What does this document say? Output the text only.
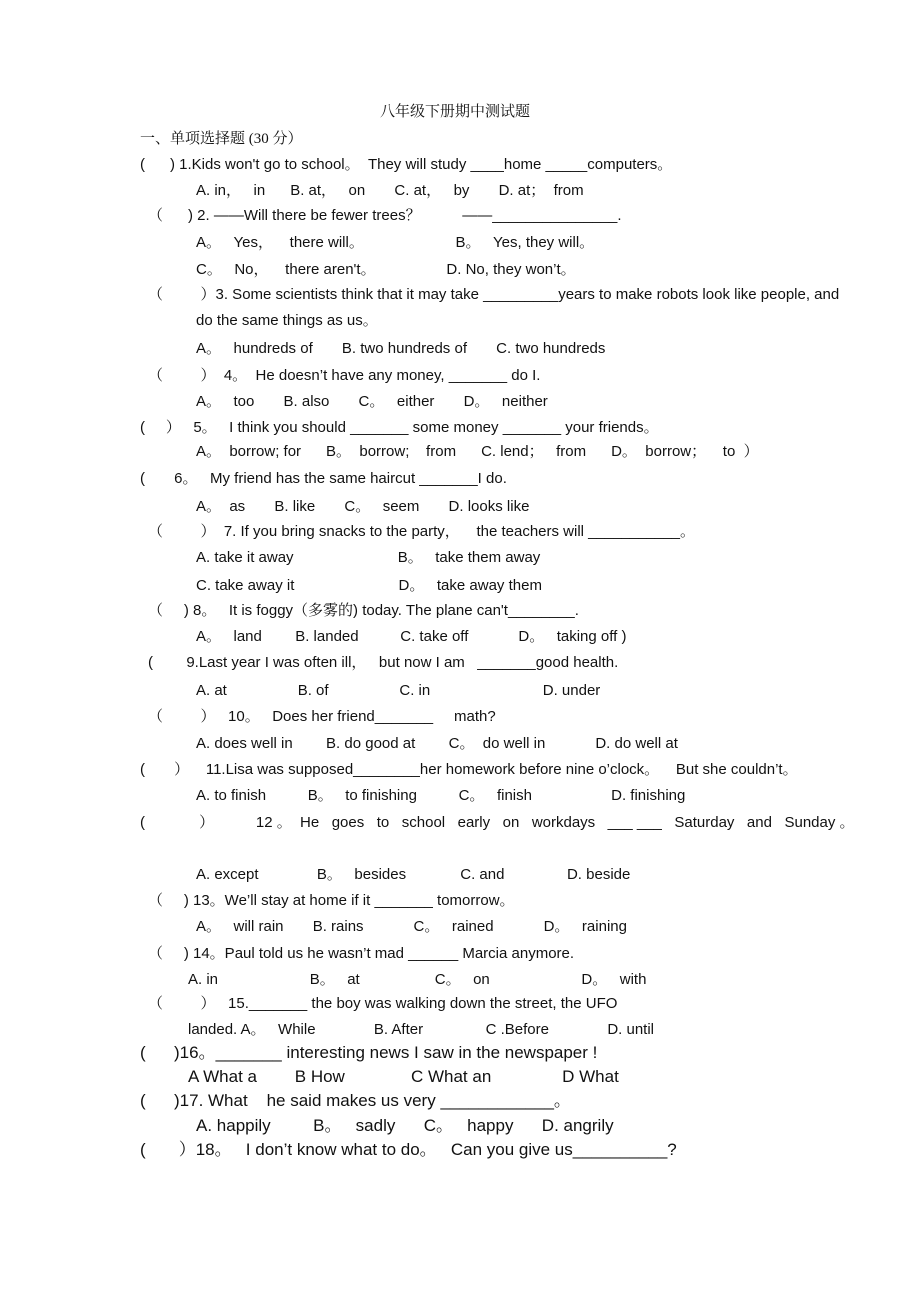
八年级下册期中测试题
一、单项选择题 (30 分）
(      ) 1.Kids won't go to school。  They will study ____home _____computers。
A. in，   in      B. at，   on       C. at，   by       D. at；  from
（      ) 2. ——Will there be fewer trees？          ——_______________.
A。   Yes，    there will。                      B。   Yes, they will。
C。   No，    there aren't。                 D. No, they won’t。
（         ）3. Some scientists think that it may take _________years to make robots look like people, and
do the same things as us。
A。   hundreds of       B. two hundreds of       C. two hundreds
（         ）  4。  He doesn’t have any money, _______ do I.
A。   too       B. also       C。   either       D。   neither
(     ）   5。   I think you should _______ some money _______ your friends。
A。  borrow; for      B。  borrow;    from      C. lend；   from      D。  borrow；    to  ）
(       6。   My friend has the same haircut _______I do.
A。  as       B. like       C。   seem       D. looks like
（         ）  7. If you bring snacks to the party，    the teachers will ___________。
A. take it away                         B。   take them away
C. take away it                         D。   take away them
（     ) 8。   It is foggy（多雾的) today. The plane can't________.
A。   land        B. landed          C. take off            D。   taking off )
(        9.Last year I was often ill，   but now I am   _______good health.
A. at                 B. of                 C. in                           D. under
（         ）   10。   Does her friend_______     math?
A. does well in        B. do good at        C。  do well in            D. do well at
(       ）    11.Lisa was supposed________her homework before nine o’clock。    But she couldn’t。
A. to finish          B。   to finishing          C。   finish                   D. finishing
(             ）          12 。  He   goes   to   school   early   on   workdays   ___ ___   Saturday   and   Sunday 。
A. except              B。   besides             C. and               D. beside
（     ) 13。We’ll stay at home if it _______ tomorrow。
A。   will rain       B. rains            C。   rained            D。   raining
（     ) 14。Paul told us he wasn’t mad ______ Marcia anymore.
A. in                      B。   at                  C。   on                      D。   with
（         ）   15._______ the boy was walking down the street, the UFO
landed. A。   While              B. After               C .Before              D. until
(      )16。_______ interesting news I saw in the newspaper !
A What a        B How              C What an               D What
(      )17. What    he said makes us very ____________。
A. happily         B。   sadly      C。   happy      D. angrily
(       ）18。   I don’t know what to do。   Can you give us__________?
